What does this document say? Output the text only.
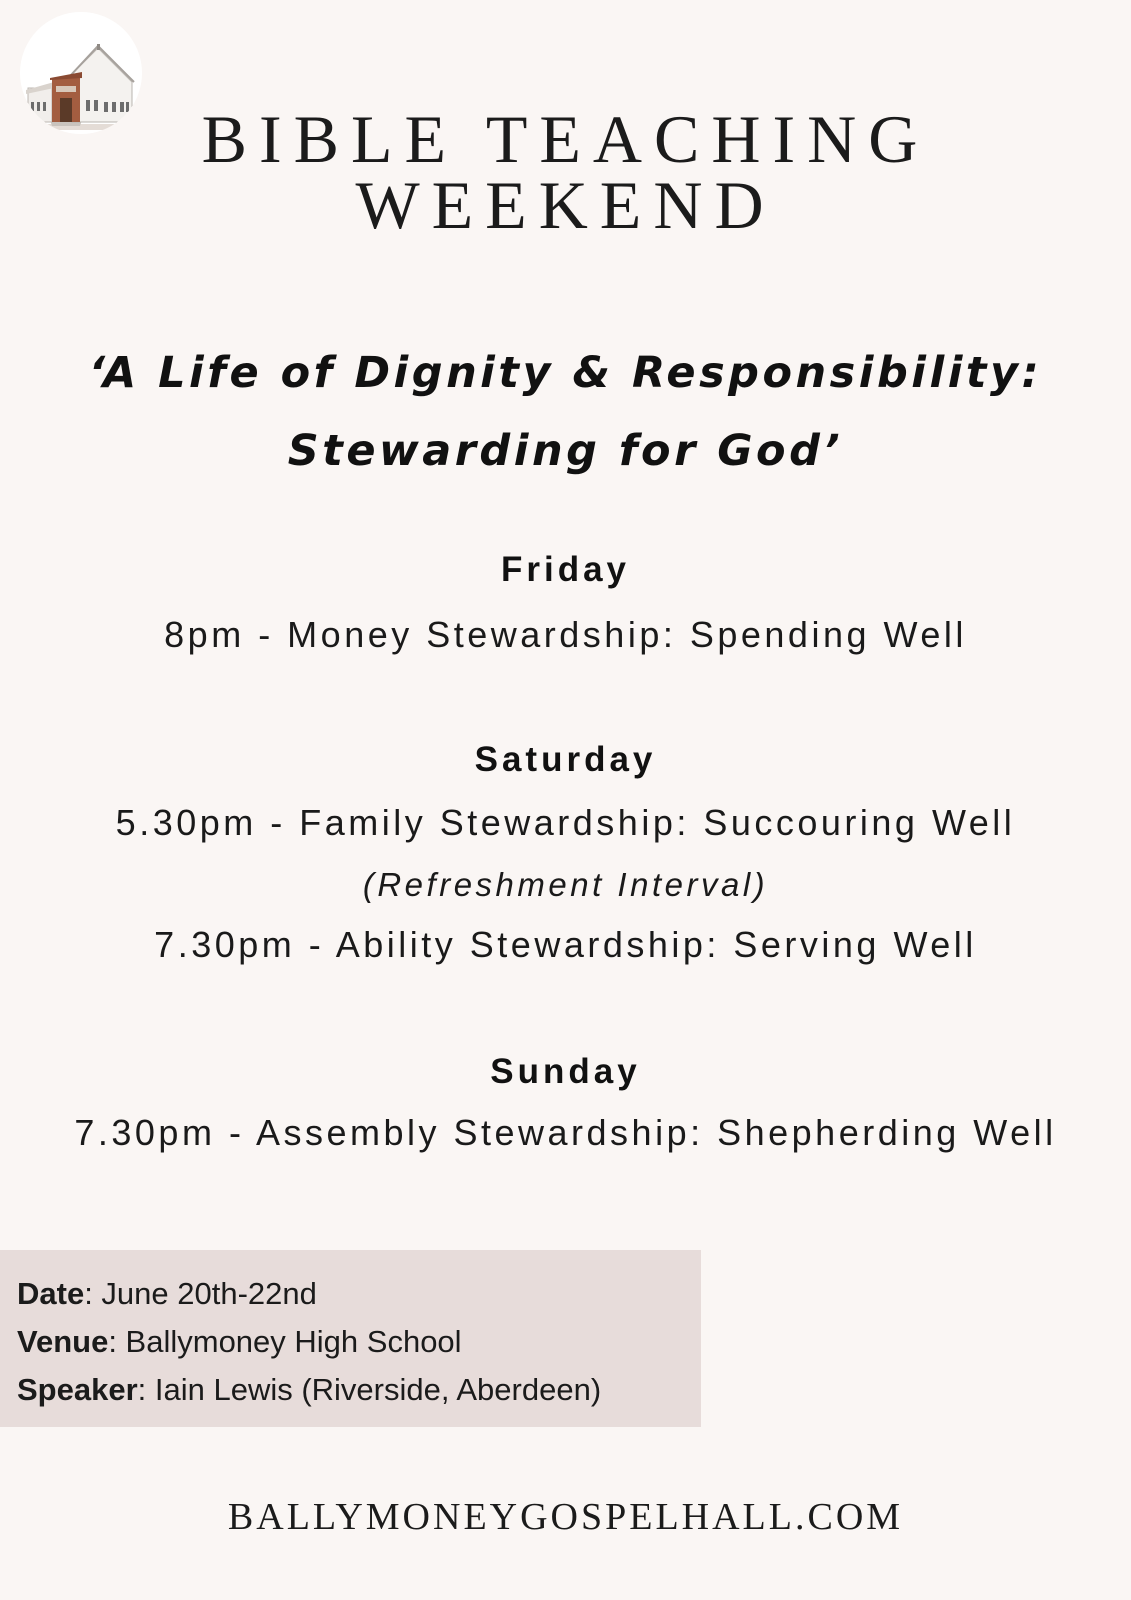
BIBLE TEACHING
WEEKEND
‘A Life of Dignity & Responsibility:
Stewarding for God’
Friday
8pm - Money Stewardship: Spending Well
Saturday
5.30pm - Family Stewardship: Succouring Well
(Refreshment Interval)
7.30pm - Ability Stewardship: Serving Well
Sunday
7.30pm - Assembly Stewardship: Shepherding Well
Date: June 20th-22nd
Venue: Ballymoney High School
Speaker: Iain Lewis (Riverside, Aberdeen)
BALLYMONEYGOSPELHALL.COM
